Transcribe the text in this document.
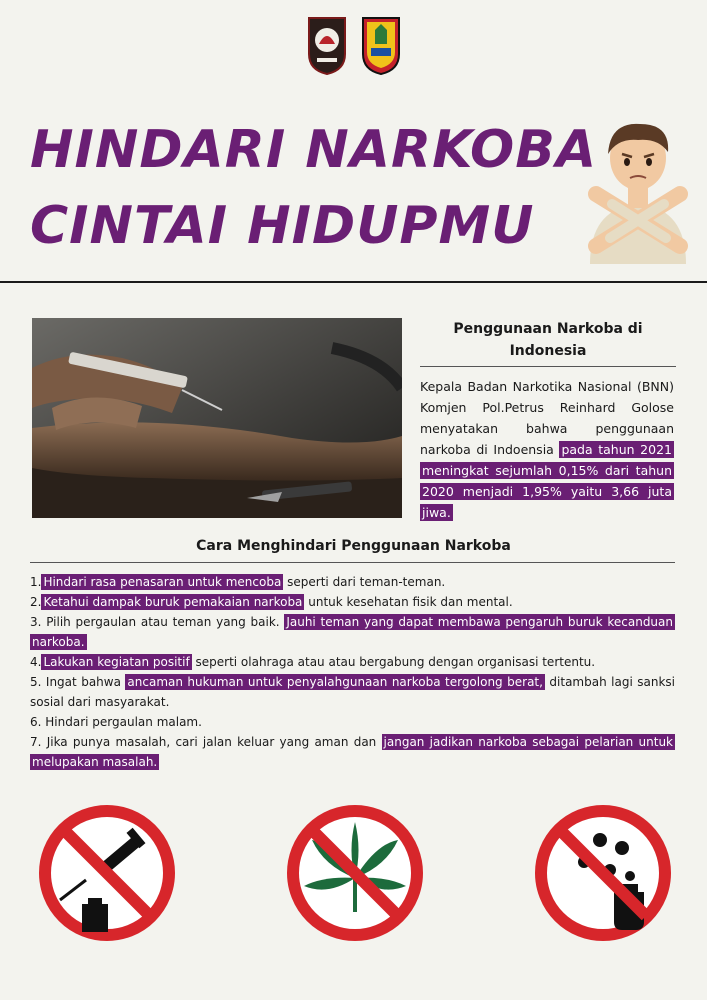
HINDARI NARKOBA
CINTAI HIDUPMU
Penggunaan Narkoba di Indonesia
Kepala Badan Narkotika Nasional (BNN) Komjen Pol.Petrus Reinhard Golose menyatakan bahwa penggunaan narkoba di Indoensia pada tahun 2021 meningkat sejumlah 0,15% dari tahun 2020 menjadi 1,95% yaitu 3,66 juta jiwa.
Cara Menghindari Penggunaan Narkoba

1. Hindari rasa penasaran untuk mencoba seperti dari teman-teman.

2. Ketahui dampak buruk pemakaian narkoba untuk kesehatan fisik dan mental.

3. Pilih pergaulan atau teman yang baik. Jauhi teman yang dapat membawa pengaruh buruk kecanduan narkoba.

4. Lakukan kegiatan positif seperti olahraga atau atau bergabung dengan organisasi tertentu.

5. Ingat bahwa ancaman hukuman untuk penyalahgunaan narkoba tergolong berat, ditambah lagi sanksi sosial dari masyarakat.

6. Hindari pergaulan malam.

7. Jika punya masalah, cari jalan keluar yang aman dan jangan jadikan narkoba sebagai pelarian untuk melupakan masalah.
